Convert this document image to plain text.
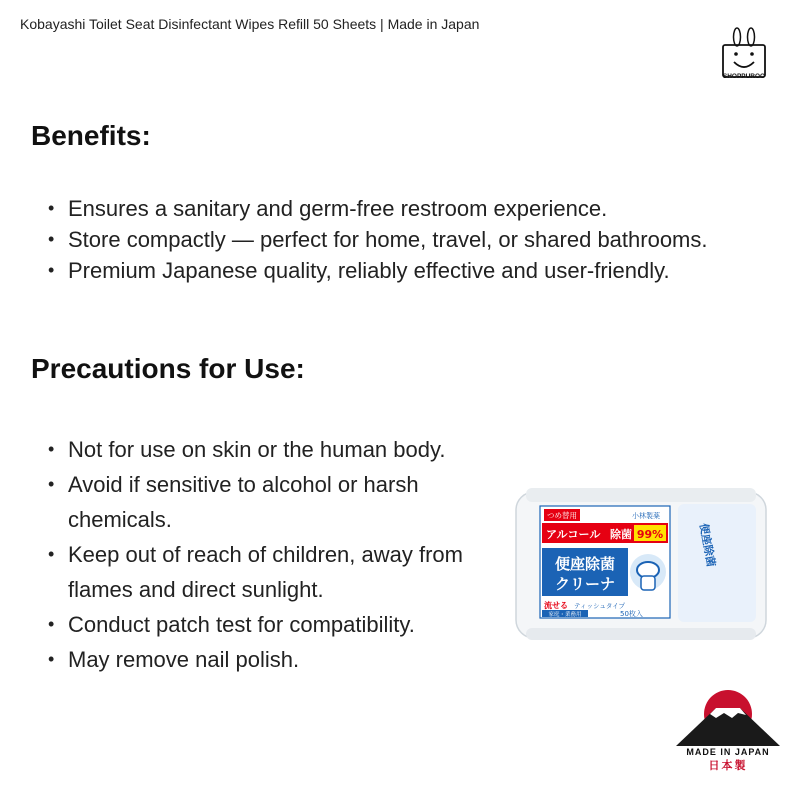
Kobayashi Toilet Seat Disinfectant Wipes Refill 50 Sheets | Made in Japan
SHOPPUROO
Benefits:
• Ensures a sanitary and germ-free restroom experience.
• Store compactly — perfect for home, travel, or shared bathrooms.
• Premium Japanese quality, reliably effective and user-friendly.
Precautions for Use:
• Not for use on skin or the human body.
• Avoid if sensitive to alcohol or harsh chemicals.
• Keep out of reach of children, away from flames and direct sunlight.
• Conduct patch test for compatibility.
• May remove nail polish.
便座除菌
つめ替用	小林製薬
アルコール 除菌 99%
便座除菌
クリーナ
流せる ティッシュタイプ
家庭・業務用	50枚入
MADE IN JAPAN
日本製
